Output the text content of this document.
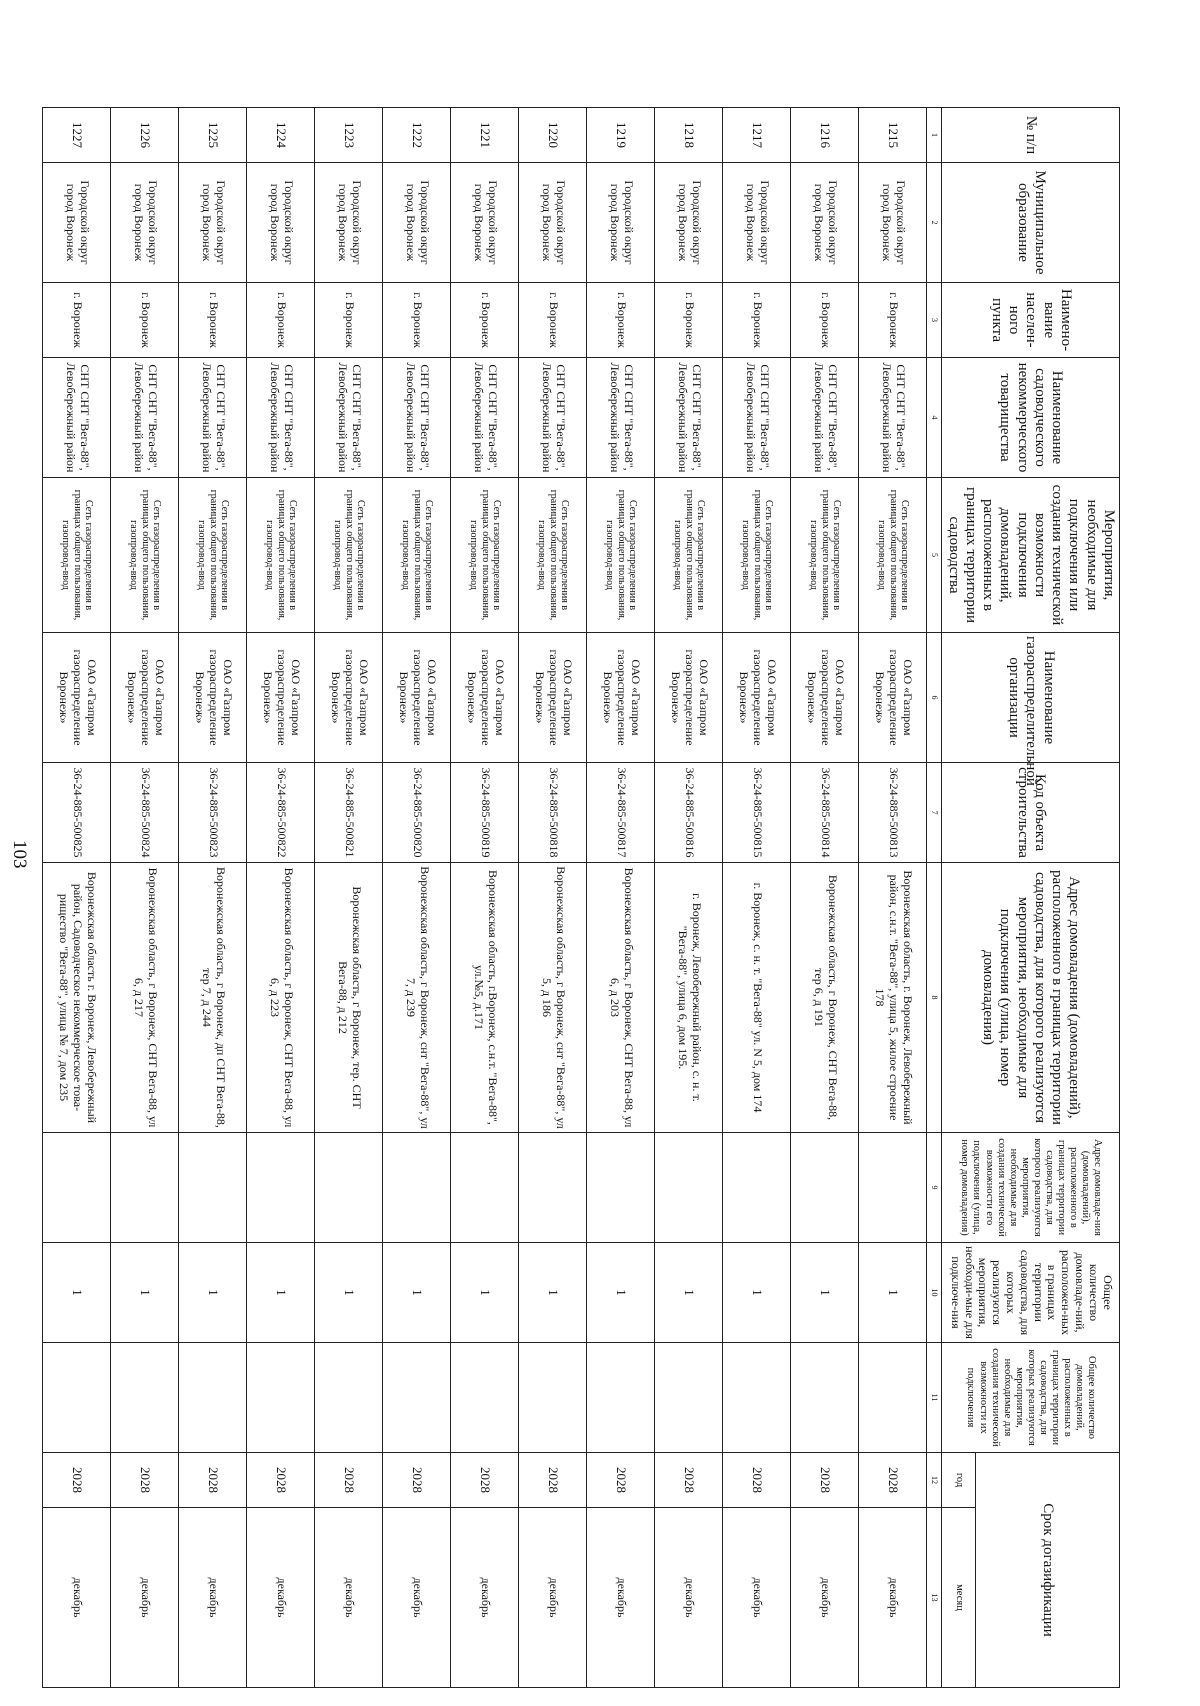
103
№ п/п	Муниципальное образование	Наимено-вание населен-ного пункта	Наименование садоводческого некоммерческого товарищества	Мероприятия, необходимые для подключения или создания технической возможности подключения домовладений, расположенных в границах территории садоводства	Наименование газораспределительной организации	Код объекта строительства	Адрес домовладения (домовладений), расположенного в границах территории садоводства, для которого реализуются мероприятия, необходимые для подключения (улица, номер домовладения)	Адрес домовладе-ния (домовладений), расположенного в границах территории садоводства, для которого реализуются мероприятия, необходимые для создания технической возможности его подключения (улица, номер домовладения)	Общее количество домовладе-ний, расположен-ных в границах территории садоводства, для которых реализуются мероприятия, необходи-мые для подключе-ния	Общее количество домовладений, расположенных в границах территории садоводства, для которых реализуются мероприятия, необходимые для создания технической возможности их подключения	Срок догазификации	
											год	месяц
1	2	3	4	5	6	7	8	9	10	11	12	13
1215	Городской округ город Воронеж	г. Воронеж	СНТ СНТ "Вега-88", Левобережный район	Сеть газораспределения в границах общего пользования, газопровод-ввод	ОАО «Газпром газораспределение Воронеж»	36-24-885-500813	Воронежская область, г. Воронеж, Левобережный район, с.н.т. "Вега-88", улица 5, жилое строение 178		1		2028	декабрь
1216	Городской округ город Воронеж	г. Воронеж	СНТ СНТ "Вега-88", Левобережный район	Сеть газораспределения в границах общего пользования, газопровод-ввод	ОАО «Газпром газораспределение Воронеж»	36-24-885-500814	Воронежская область, г Воронеж, СНТ Вега-88, тер 6, д 191		1		2028	декабрь
1217	Городской округ город Воронеж	г. Воронеж	СНТ СНТ "Вега-88", Левобережный район	Сеть газораспределения в границах общего пользования, газопровод-ввод	ОАО «Газпром газораспределение Воронеж»	36-24-885-500815	г. Воронеж, с. н. т. "Вега-88" ул. N 5, дом 174		1		2028	декабрь
1218	Городской округ город Воронеж	г. Воронеж	СНТ СНТ "Вега-88", Левобережный район	Сеть газораспределения в границах общего пользования, газопровод-ввод	ОАО «Газпром газораспределение Воронеж»	36-24-885-500816	г. Воронеж, Левобережный район, с. н. т. "Вега-88", улица 6, дом 195.		1		2028	декабрь
1219	Городской округ город Воронеж	г. Воронеж	СНТ СНТ "Вега-88", Левобережный район	Сеть газораспределения в границах общего пользования, газопровод-ввод	ОАО «Газпром газораспределение Воронеж»	36-24-885-500817	Воронежская область, г Воронеж, СНТ Вега-88, ул 6, д 203		1		2028	декабрь
1220	Городской округ город Воронеж	г. Воронеж	СНТ СНТ "Вега-88", Левобережный район	Сеть газораспределения в границах общего пользования, газопровод-ввод	ОАО «Газпром газораспределение Воронеж»	36-24-885-500818	Воронежская область, г Воронеж, снт "Вега-88", ул 5, д 186		1		2028	декабрь
1221	Городской округ город Воронеж	г. Воронеж	СНТ СНТ "Вега-88", Левобережный район	Сеть газораспределения в границах общего пользования, газопровод-ввод	ОАО «Газпром газораспределение Воронеж»	36-24-885-500819	Воронежская область, г.Воронеж, с.н.т. "Вега-88", ул.№5, д.171		1		2028	декабрь
1222	Городской округ город Воронеж	г. Воронеж	СНТ СНТ "Вега-88", Левобережный район	Сеть газораспределения в границах общего пользования, газопровод-ввод	ОАО «Газпром газораспределение Воронеж»	36-24-885-500820	Воронежская область, г Воронеж, снт "Вега-88", ул 7, д 239		1		2028	декабрь
1223	Городской округ город Воронеж	г. Воронеж	СНТ СНТ "Вега-88", Левобережный район	Сеть газораспределения в границах общего пользования, газопровод-ввод	ОАО «Газпром газораспределение Воронеж»	36-24-885-500821	Воронежская область, г Воронеж, тер. СНТ Вега-88, д 212		1		2028	декабрь
1224	Городской округ город Воронеж	г. Воронеж	СНТ СНТ "Вега-88", Левобережный район	Сеть газораспределения в границах общего пользования, газопровод-ввод	ОАО «Газпром газораспределение Воронеж»	36-24-885-500822	Воронежская область, г Воронеж, СНТ Вега-88, ул 6, д 223		1		2028	декабрь
1225	Городской округ город Воронеж	г. Воронеж	СНТ СНТ "Вега-88", Левобережный район	Сеть газораспределения в границах общего пользования, газопровод-ввод	ОАО «Газпром газораспределение Воронеж»	36-24-885-500823	Воронежская область, г Воронеж, дп СНТ Вега-88, тер 7, д 244		1		2028	декабрь
1226	Городской округ город Воронеж	г. Воронеж	СНТ СНТ "Вега-88", Левобережный район	Сеть газораспределения в границах общего пользования, газопровод-ввод	ОАО «Газпром газораспределение Воронеж»	36-24-885-500824	Воронежская область, г Воронеж, СНТ Вега-88, ул 6, д 217		1		2028	декабрь
1227	Городской округ город Воронеж	г. Воронеж	СНТ СНТ "Вега-88", Левобережный район	Сеть газораспределения в границах общего пользования, газопровод-ввод	ОАО «Газпром газораспределение Воронеж»	36-24-885-500825	Воронежская область г. Воронеж, Левобережный район, Садоводческое некоммерческое това- рищество "Вега-88", улица № 7, дом 235		1		2028	декабрь
